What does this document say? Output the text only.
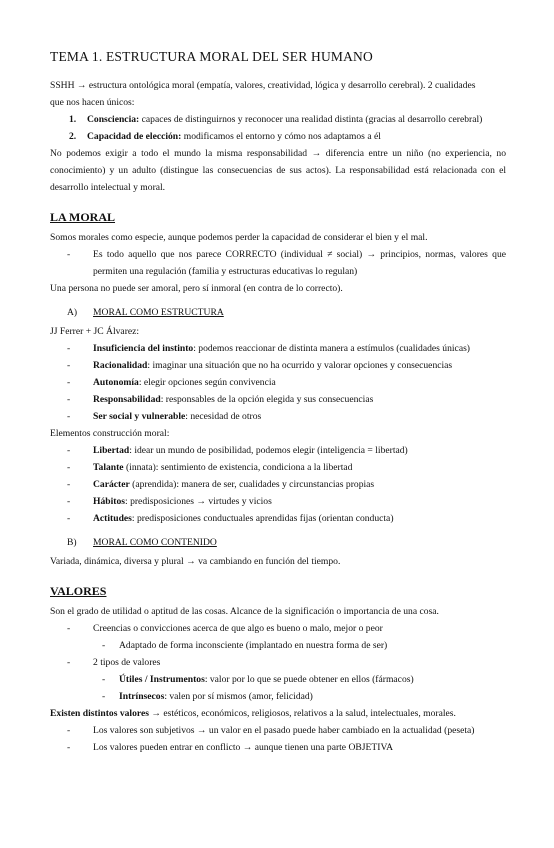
TEMA 1. ESTRUCTURA MORAL DEL SER HUMANO
SSHH → estructura ontológica moral (empatía, valores, creatividad, lógica y desarrollo cerebral). 2 cualidades
que nos hacen únicos:
1. Consciencia: capaces de distinguirnos y reconocer una realidad distinta (gracias al desarrollo cerebral)
2. Capacidad de elección: modificamos el entorno y cómo nos adaptamos a él
No podemos exigir a todo el mundo la misma responsabilidad → diferencia entre un niño (no experiencia, no conocimiento) y un adulto (distingue las consecuencias de sus actos). La responsabilidad está relacionada con el desarrollo intelectual y moral.
LA MORAL
Somos morales como especie, aunque podemos perder la capacidad de considerar el bien y el mal.
- Es todo aquello que nos parece CORRECTO (individual ≠ social) → principios, normas, valores que permiten una regulación (familia y estructuras educativas lo regulan)
Una persona no puede ser amoral, pero sí inmoral (en contra de lo correcto).
A) MORAL COMO ESTRUCTURA
JJ Ferrer + JC Álvarez:
- Insuficiencia del instinto: podemos reaccionar de distinta manera a estímulos (cualidades únicas)
- Racionalidad: imaginar una situación que no ha ocurrido y valorar opciones y consecuencias
- Autonomía: elegir opciones según convivencia
- Responsabilidad: responsables de la opción elegida y sus consecuencias
- Ser social y vulnerable: necesidad de otros
Elementos construcción moral:
- Libertad: idear un mundo de posibilidad, podemos elegir (inteligencia = libertad)
- Talante (innata): sentimiento de existencia, condiciona a la libertad
- Carácter (aprendida): manera de ser, cualidades y circunstancias propias
- Hábitos: predisposiciones → virtudes y vicios
- Actitudes: predisposiciones conductuales aprendidas fijas (orientan conducta)
B) MORAL COMO CONTENIDO
Variada, dinámica, diversa y plural → va cambiando en función del tiempo.
VALORES
Son el grado de utilidad o aptitud de las cosas. Alcance de la significación o importancia de una cosa.
- Creencias o convicciones acerca de que algo es bueno o malo, mejor o peor
- Adaptado de forma inconsciente (implantado en nuestra forma de ser)
- 2 tipos de valores
- Útiles / Instrumentos: valor por lo que se puede obtener en ellos (fármacos)
- Intrínsecos: valen por sí mismos (amor, felicidad)
Existen distintos valores → estéticos, económicos, religiosos, relativos a la salud, intelectuales, morales.
- Los valores son subjetivos → un valor en el pasado puede haber cambiado en la actualidad (peseta)
- Los valores pueden entrar en conflicto → aunque tienen una parte OBJETIVA
